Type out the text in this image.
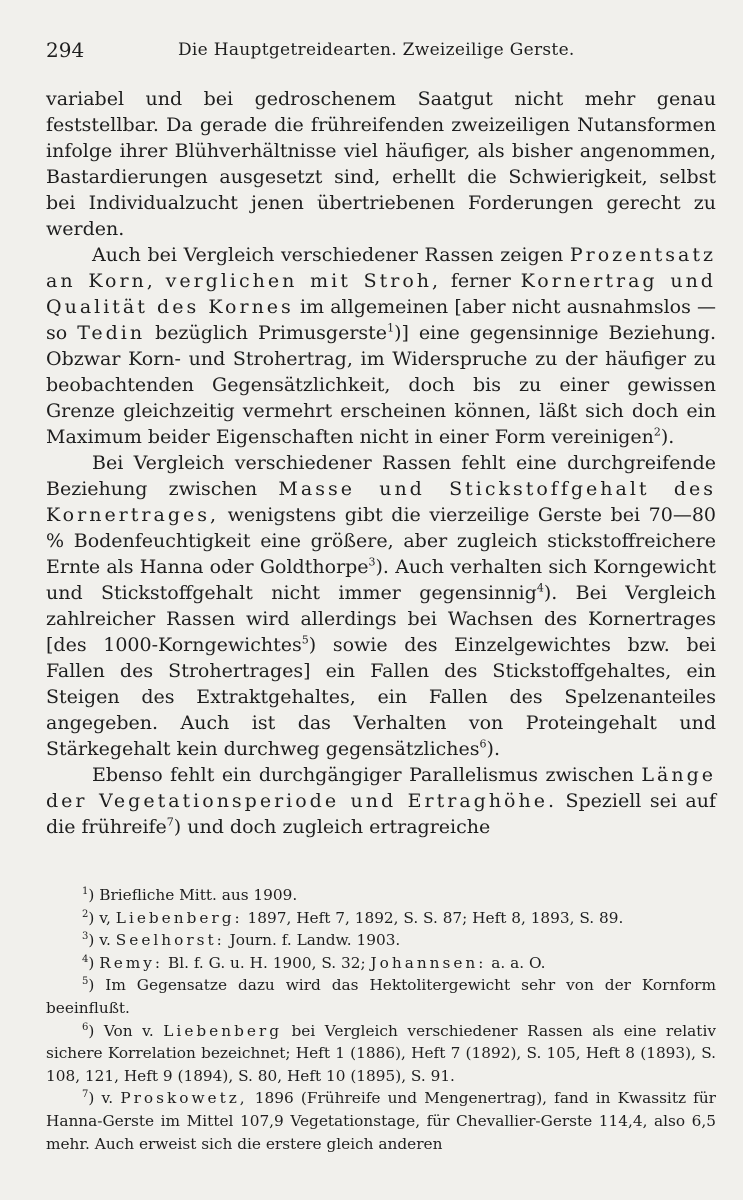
294	Die Hauptgetreidearten. Zweizeilige Gerste.

variabel und bei gedroschenem Saatgut nicht mehr genau feststellbar. Da gerade die frühreifenden zweizeiligen Nutansformen infolge ihrer Blühverhältnisse viel häufiger, als bisher angenommen, Bastardierungen ausgesetzt sind, erhellt die Schwierigkeit, selbst bei Individualzucht jenen übertriebenen Forderungen gerecht zu werden.

Auch bei Vergleich verschiedener Rassen zeigen Prozentsatz an Korn, verglichen mit Stroh, ferner Kornertrag und Qualität des Kornes im allgemeinen [aber nicht ausnahmslos — so Tedin bezüglich Primusgerste$^1$)] eine gegensinnige Beziehung. Obzwar Korn- und Strohertrag, im Widerspruche zu der häufiger zu beobachtenden Gegensätzlichkeit, doch bis zu einer gewissen Grenze gleichzeitig vermehrt erscheinen können, läßt sich doch ein Maximum beider Eigenschaften nicht in einer Form vereinigen$^2$).

Bei Vergleich verschiedener Rassen fehlt eine durchgreifende Beziehung zwischen Masse und Stickstoffgehalt des Kornertrages, wenigstens gibt die vierzeilige Gerste bei 70—80 % Bodenfeuchtigkeit eine größere, aber zugleich stickstoffreichere Ernte als Hanna oder Goldthorpe$^3$). Auch verhalten sich Korngewicht und Stickstoffgehalt nicht immer gegensinnig$^4$). Bei Vergleich zahlreicher Rassen wird allerdings bei Wachsen des Kornertrages [des 1000-Korngewichtes$^5$) sowie des Einzelgewichtes bzw. bei Fallen des Strohertrages] ein Fallen des Stickstoffgehaltes, ein Steigen des Extraktgehaltes, ein Fallen des Spelzenanteiles angegeben. Auch ist das Verhalten von Proteingehalt und Stärkegehalt kein durchweg gegensätzliches$^6$).

Ebenso fehlt ein durchgängiger Parallelismus zwischen Länge der Vegetationsperiode und Ertraghöhe. Speziell sei auf die frühreife$^7$) und doch zugleich ertragreiche

$^1$) Briefliche Mitt. aus 1909.

$^2$) v, Liebenberg: 1897, Heft 7, 1892, S. S. 87; Heft 8, 1893, S. 89.

$^3$) v. Seelhorst: Journ. f. Landw. 1903.

$^4$) Remy: Bl. f. G. u. H. 1900, S. 32; Johannsen: a. a. O.

$^5$) Im Gegensatze dazu wird das Hektolitergewicht sehr von der Kornform beeinflußt.

$^6$) Von v. Liebenberg bei Vergleich verschiedener Rassen als eine relativ sichere Korrelation bezeichnet; Heft 1 (1886), Heft 7 (1892), S. 105, Heft 8 (1893), S. 108, 121, Heft 9 (1894), S. 80, Heft 10 (1895), S. 91.

$^7$) v. Proskowetz, 1896 (Frühreife und Mengenertrag), fand in Kwassitz für Hanna-Gerste im Mittel 107,9 Vegetationstage, für Chevallier-Gerste 114,4, also 6,5 mehr. Auch erweist sich die erstere gleich anderen
